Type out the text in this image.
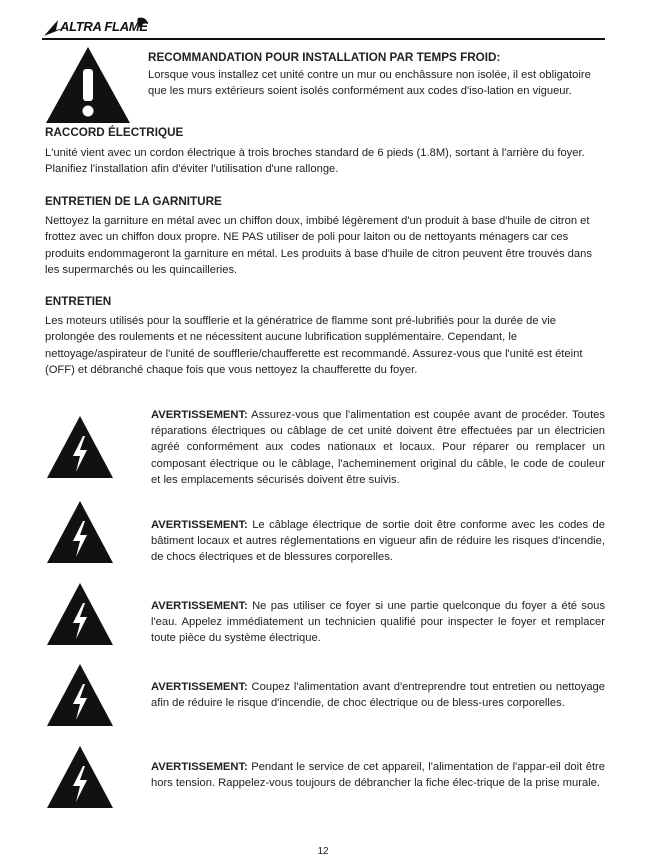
ALTRA FLAME
RECOMMANDATION POUR INSTALLATION PAR TEMPS FROID:
Lorsque vous installez cet unité contre un mur ou enchâssure non isolée, il est obligatoire que les murs extérieurs soient isolés conformément aux codes d'iso-lation en vigueur.
RACCORD ÉLECTRIQUE
L'unité vient avec un cordon électrique à trois broches standard de 6 pieds (1.8M), sortant à l'arrière du foyer. Planifiez l'installation afin d'éviter l'utilisation d'une rallonge.
ENTRETIEN DE LA GARNITURE
Nettoyez la garniture en métal avec un chiffon doux, imbibé légèrement d'un produit à base d'huile de citron et frottez avec un chiffon doux propre. NE PAS utiliser de poli pour laiton ou de nettoyants ménagers car ces produits endommageront la garniture en métal. Les produits à base d'huile de citron peuvent être trouvés dans les supermarchés ou les quincailleries.
ENTRETIEN
Les moteurs utilisés pour la soufflerie et la génératrice de flamme sont pré-lubrifiés pour la durée de vie prolongée des roulements et ne nécessitent aucune lubrification supplémentaire. Cependant, le nettoyage/aspirateur de l'unité de soufflerie/chaufferette est recommandé. Assurez-vous que l'unité est éteint (OFF) et débranché chaque fois que vous nettoyez la chaufferette du foyer.
AVERTISSEMENT: Assurez-vous que l'alimentation est coupée avant de procéder. Toutes réparations électriques ou câblage de cet unité doivent être effectuées par un électricien agréé conformément aux codes nationaux et locaux. Pour réparer ou remplacer un composant électrique ou le câblage, l'acheminement original du câble, le code de couleur et les emplacements sécurisés doivent être suivis.
AVERTISSEMENT: Le câblage électrique de sortie doit être conforme avec les codes de bâtiment locaux et autres réglementations en vigueur afin de réduire les risques d'incendie, de chocs électriques et de blessures corporelles.
AVERTISSEMENT: Ne pas utiliser ce foyer si une partie quelconque du foyer a été sous l'eau. Appelez immédiatement un technicien qualifié pour inspecter le foyer et remplacer toute pièce du système électrique.
AVERTISSEMENT: Coupez l'alimentation avant d'entreprendre tout entretien ou nettoyage afin de réduire le risque d'incendie, de choc électrique ou de bless-ures corporelles.
AVERTISSEMENT: Pendant le service de cet appareil, l'alimentation de l'appar-eil doit être hors tension. Rappelez-vous toujours de débrancher la fiche élec-trique de la prise murale.
12
